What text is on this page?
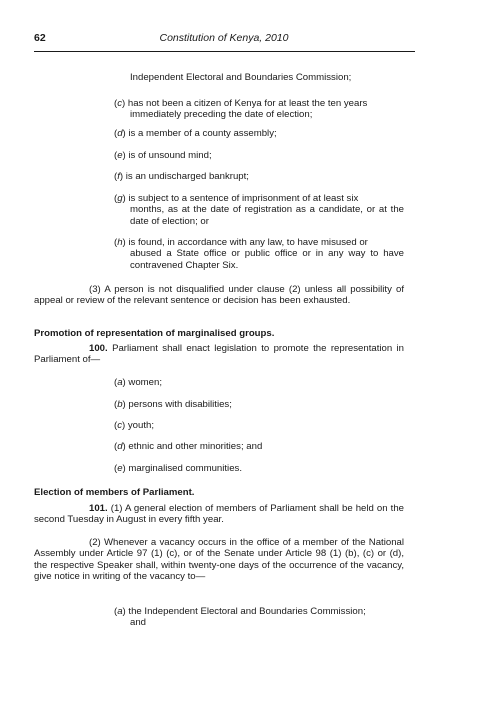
62	Constitution of Kenya, 2010

Independent Electoral and Boundaries Commission;

(c) has not been a citizen of Kenya for at least the ten years
immediately preceding the date of election;
(d) is a member of a county assembly;
(e) is of unsound mind;
(f) is an undischarged bankrupt;
(g) is subject to a sentence of imprisonment of at least six
months, as at the date of registration as a candidate, or at the date of election; or
(h) is found, in accordance with any law, to have misused or
abused a State office or public office or in any way to have contravened Chapter Six.

(3) A person is not disqualified under clause (2) unless all possibility of appeal or review of the relevant sentence or decision has been exhausted.

Promotion of representation of marginalised groups.

100. Parliament shall enact legislation to promote the representation in Parliament of—
(a) women;
(b) persons with disabilities;
(c) youth;
(d) ethnic and other minorities; and
(e) marginalised communities.

Election of members of Parliament.

101. (1) A general election of members of Parliament shall be held on the second Tuesday in August in every fifth year.

(2) Whenever a vacancy occurs in the office of a member of the National Assembly under Article 97 (1) (c), or of the Senate under Article 98 (1) (b), (c) or (d), the respective Speaker shall, within twenty-one days of the occurrence of the vacancy, give notice in writing of the vacancy to—

(a) the Independent Electoral and Boundaries Commission;
and
